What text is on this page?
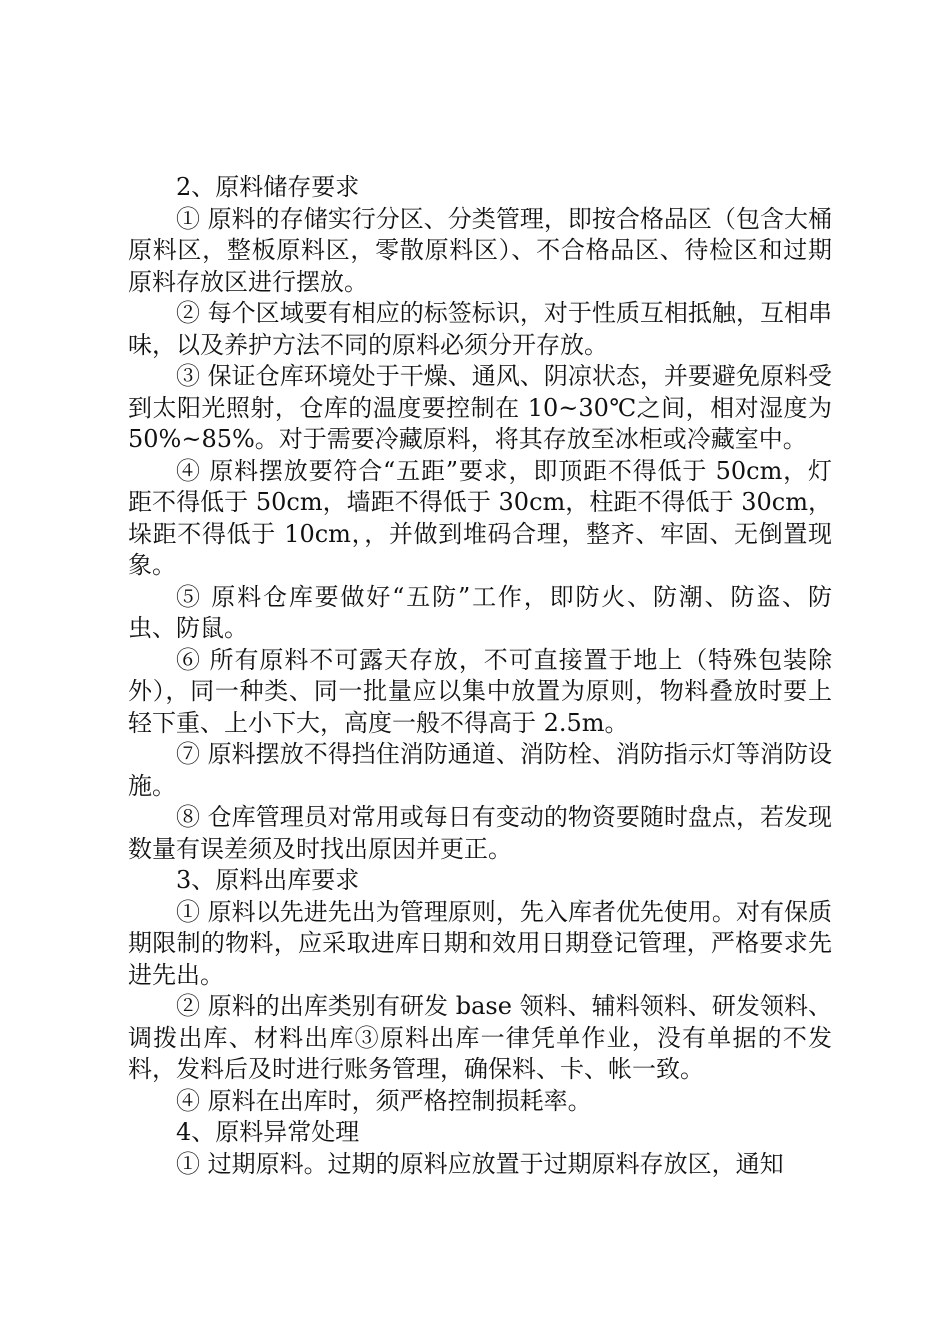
2、原料储存要求

① 原料的存储实行分区、分类管理，即按合格品区（包含大桶原料区，整板原料区，零散原料区）、不合格品区、待检区和过期原料存放区进行摆放。

② 每个区域要有相应的标签标识，对于性质互相抵触，互相串味，以及养护方法不同的原料必须分开存放。

③ 保证仓库环境处于干燥、通风、阴凉状态，并要避免原料受到太阳光照射，仓库的温度要控制在 10~30℃之间，相对湿度为 50%~85%。对于需要冷藏原料，将其存放至冰柜或冷藏室中。

④ 原料摆放要符合“五距”要求，即顶距不得低于 50cm，灯距不得低于 50cm，墙距不得低于 30cm，柱距不得低于 30cm，垛距不得低于 10cm，，并做到堆码合理，整齐、牢固、无倒置现象。

⑤ 原料仓库要做好“五防”工作，即防火、防潮、防盗、防虫、防鼠。

⑥ 所有原料不可露天存放，不可直接置于地上（特殊包装除外），同一种类、同一批量应以集中放置为原则，物料叠放时要上轻下重、上小下大，高度一般不得高于 2.5m。

⑦ 原料摆放不得挡住消防通道、消防栓、消防指示灯等消防设施。

⑧ 仓库管理员对常用或每日有变动的物资要随时盘点，若发现数量有误差须及时找出原因并更正。

3、原料出库要求

① 原料以先进先出为管理原则，先入库者优先使用。对有保质期限制的物料，应采取进库日期和效用日期登记管理，严格要求先进先出。

② 原料的出库类别有研发 base 领料、辅料领料、研发领料、调拨出库、材料出库③原料出库一律凭单作业，没有单据的不发料，发料后及时进行账务管理，确保料、卡、帐一致。

④ 原料在出库时，须严格控制损耗率。

4、原料异常处理

① 过期原料。过期的原料应放置于过期原料存放区，通知
